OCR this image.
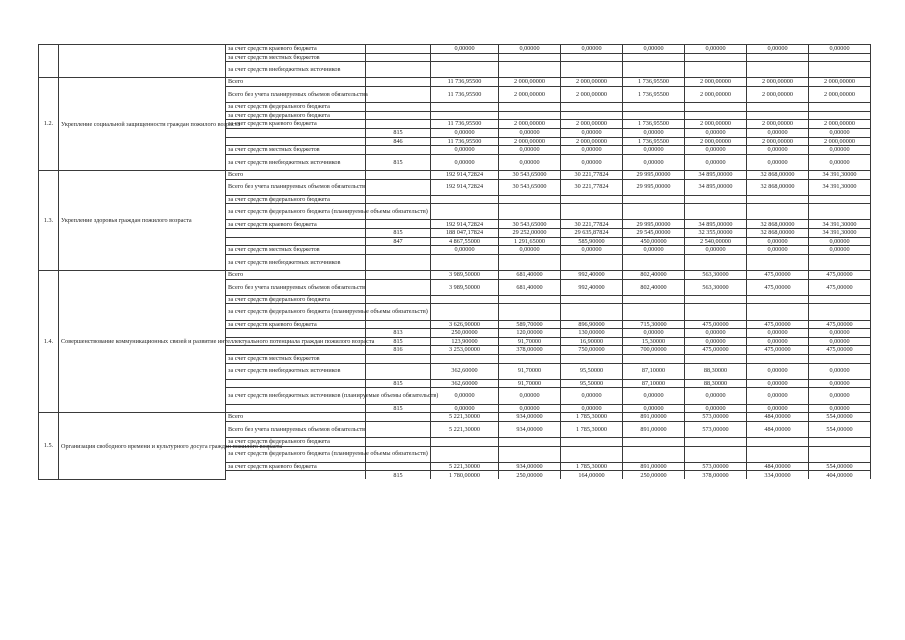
		за счет средств краевого бюджета		0,00000	0,00000	0,00000	0,00000	0,00000	0,00000	0,00000
		за счет средств местных бюджетов								
		за счет средств внебюджетных источников								
1.2.	Укрепление социальной защищенности граждан пожилого возраста	Всего		11 736,95500	2 000,00000	2 000,00000	1 736,95500	2 000,00000	2 000,00000	2 000,00000
		Всего без учета планируемых объемов обязательства		11 736,95500	2 000,00000	2 000,00000	1 736,95500	2 000,00000	2 000,00000	2 000,00000
		за счет средств федерального бюджета								
		за счет средств федерального бюджета								
		за счет средств краевого бюджета		11 736,95500	2 000,00000	2 000,00000	1 736,95500	2 000,00000	2 000,00000	2 000,00000
			815	0,00000	0,00000	0,00000	0,00000	0,00000	0,00000	0,00000
			846	11 736,95500	2 000,00000	2 000,00000	1 736,95500	2 000,00000	2 000,00000	2 000,00000
		за счет средств местных бюджетов		0,00000	0,00000	0,00000	0,00000	0,00000	0,00000	0,00000
		за счет средств внебюджетных источников	815	0,00000	0,00000	0,00000	0,00000	0,00000	0,00000	0,00000
1.3.	Укрепление здоровья граждан пожилого возраста	Всего		192 914,72824	30 543,65000	30 221,77824	29 995,00000	34 895,00000	32 868,00000	34 391,30000
		Всего без учета планируемых объемов обязательств		192 914,72824	30 543,65000	30 221,77824	29 995,00000	34 895,00000	32 868,00000	34 391,30000
		за счет средств федерального бюджета								
		за счет средств федерального бюджета (планируемые объемы обязательств)								
		за счет средств краевого бюджета		192 914,72824	30 543,65000	30 221,77824	29 995,00000	34 895,00000	32 868,00000	34 391,30000
			815	188 047,17824	29 252,00000	29 635,87824	29 545,00000	32 355,00000	32 868,00000	34 391,30000
			847	4 867,55000	1 291,65000	585,90000	450,00000	2 540,00000	0,00000	0,00000
		за счет средств местных бюджетов		0,00000	0,00000	0,00000	0,00000	0,00000	0,00000	0,00000
		за счет средств внебюджетных источников								
1.4.	Совершенствование коммуникационных связей и развитие интеллектуального потенциала граждан пожилого возраста	Всего		3 989,50000	681,40000	992,40000	802,40000	563,30000	475,00000	475,00000
		Всего без учета планируемых объемов обязательств		3 989,50000	681,40000	992,40000	802,40000	563,30000	475,00000	475,00000
		за счет средств федерального бюджета								
		за счет средств федерального бюджета (планируемые объемы обязательств)								
		за счет средств краевого бюджета		3 626,90000	589,70000	896,90000	715,30000	475,00000	475,00000	475,00000
			813	250,00000	120,00000	130,00000	0,00000	0,00000	0,00000	0,00000
			815	123,90000	91,70000	16,90000	15,30000	0,00000	0,00000	0,00000
			816	3 253,00000	378,00000	750,00000	700,00000	475,00000	475,00000	475,00000
		за счет средств местных бюджетов								
		за счет средств внебюджетных источников		362,60000	91,70000	95,50000	87,10000	88,30000	0,00000	0,00000
			815	362,60000	91,70000	95,50000	87,10000	88,30000	0,00000	0,00000
		за счет средств внебюджетных источников (планируемые объемы обязательств)		0,00000	0,00000	0,00000	0,00000	0,00000	0,00000	0,00000
			815	0,00000	0,00000	0,00000	0,00000	0,00000	0,00000	0,00000
1.5.	Организация свободного времени и культурного досуга граждан пожилого возраста	Всего		5 221,30000	934,00000	1 785,30000	891,00000	573,00000	484,00000	554,00000
		Всего без учета планируемых объемов обязательств		5 221,30000	934,00000	1 785,30000	891,00000	573,00000	484,00000	554,00000
		за счет средств федерального бюджета								
		за счет средств федерального бюджета (планируемые объемы обязательств)								
		за счет средств краевого бюджета		5 221,30000	934,00000	1 785,30000	891,00000	573,00000	484,00000	554,00000
			815	1 780,00000	250,00000	164,00000	250,00000	378,00000	334,00000	404,00000
